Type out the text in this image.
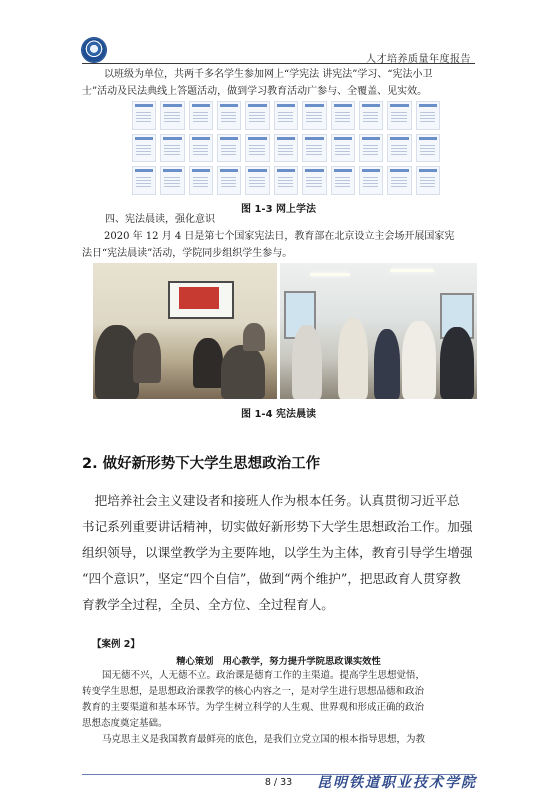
人才培养质量年度报告
以班级为单位，共两千多名学生参加网上“学宪法 讲宪法”学习、“宪法小卫
士”活动及民法典线上答题活动，做到学习教育活动广参与、全覆盖、见实效。
图 1-3 网上学法
四、宪法晨读，强化意识
2020 年 12 月 4 日是第七个国家宪法日，教育部在北京设立主会场开展国家宪
法日“宪法晨读”活动，学院同步组织学生参与。
图 1-4 宪法晨读
2. 做好新形势下大学生思想政治工作
　把培养社会主义建设者和接班人作为根本任务。认真贯彻习近平总
书记系列重要讲话精神，切实做好新形势下大学生思想政治工作。加强
组织领导，以课堂教学为主要阵地，以学生为主体，教育引导学生增强
“四个意识”，坚定“四个自信”，做到“两个维护”，把思政育人贯穿教
育教学全过程，全员、全方位、全过程育人。
【案例 2】
精心策划　用心教学，努力提升学院思政课实效性
国无德不兴，人无德不立。政治课是德育工作的主渠道。提高学生思想觉悟，
转变学生思想，是思想政治课教学的核心内容之一，是对学生进行思想品德和政治
教育的主要渠道和基本环节。为学生树立科学的人生观、世界观和形成正确的政治
思想态度奠定基础。
马克思主义是我国教育最鲜亮的底色，是我们立党立国的根本指导思想，为教
8 / 33	昆明铁道职业技术学院
